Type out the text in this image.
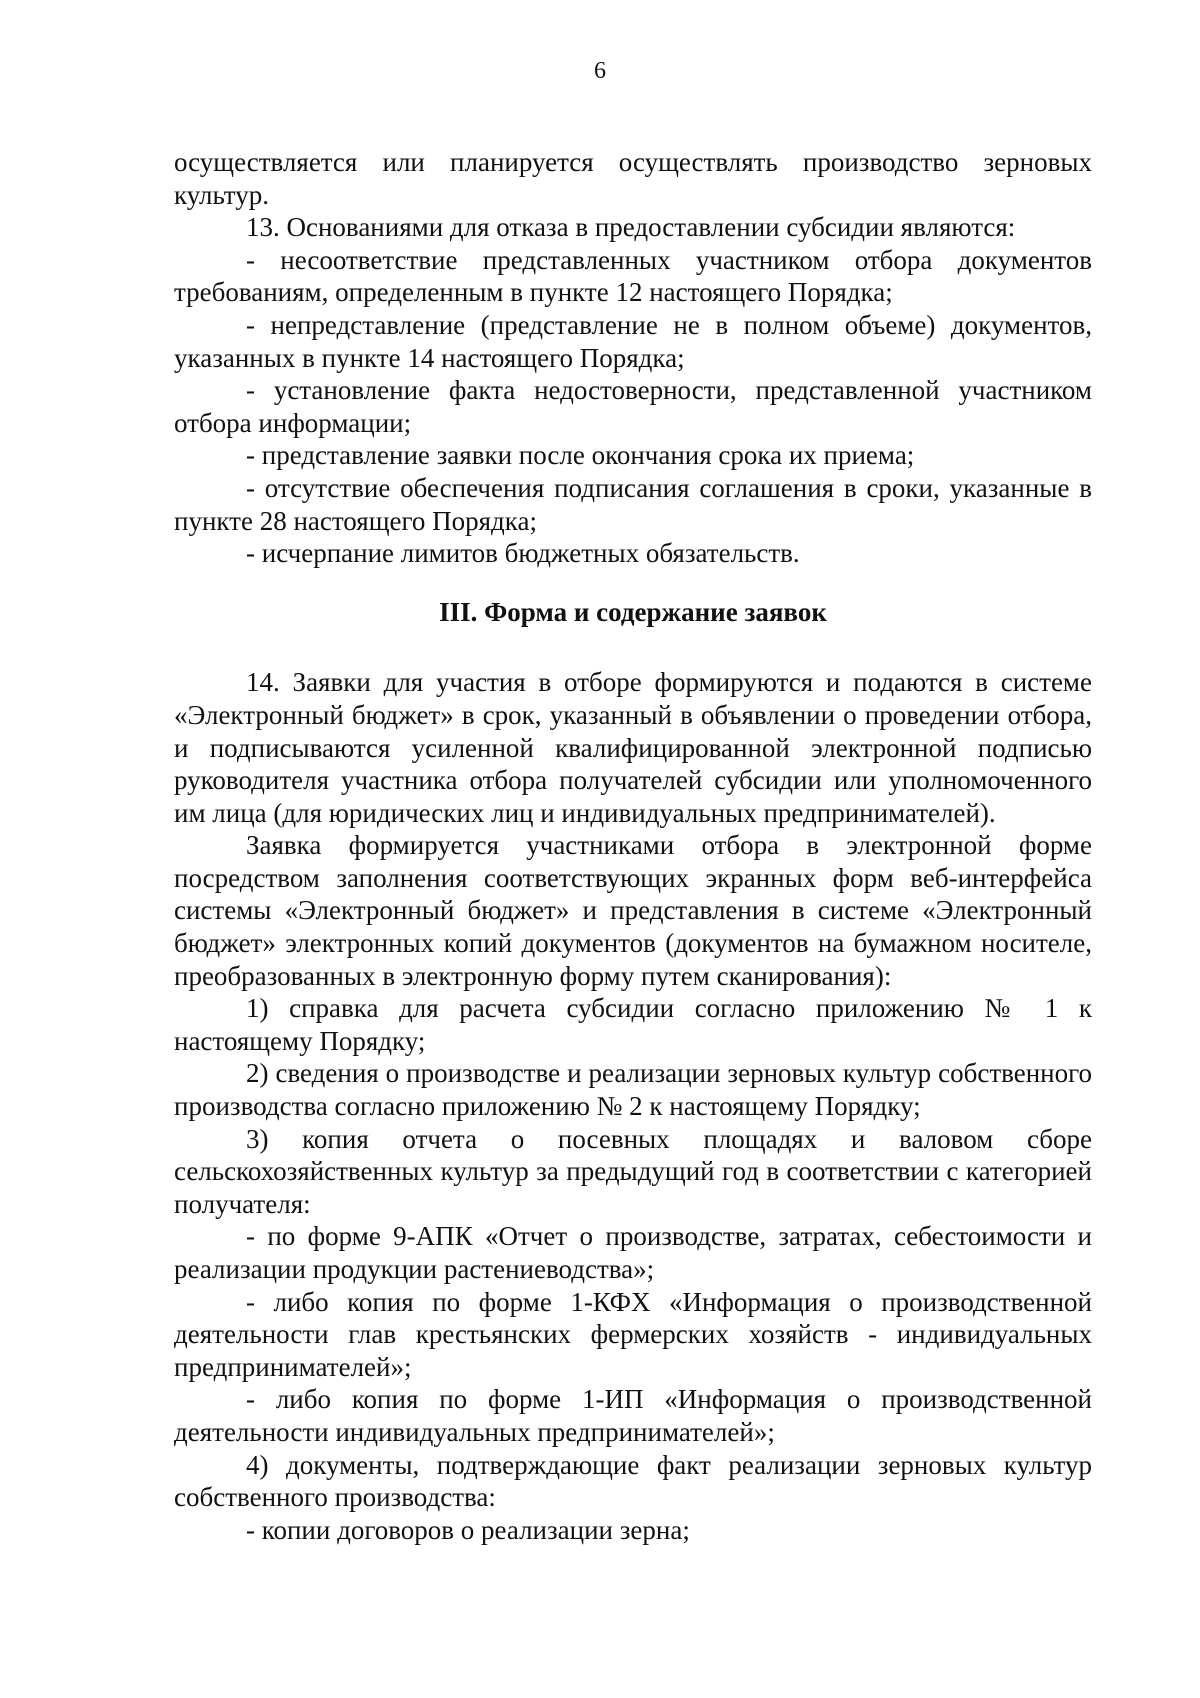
6

осуществляется или планируется осуществлять производство зерновых культур.

13. Основаниями для отказа в предоставлении субсидии являются:

- несоответствие представленных участником отбора документов требованиям, определенным в пункте 12 настоящего Порядка;

- непредставление (представление не в полном объеме) документов, указанных в пункте 14 настоящего Порядка;

- установление факта недостоверности, представленной участником отбора информации;

- представление заявки после окончания срока их приема;

- отсутствие обеспечения подписания соглашения в сроки, указанные в пункте 28 настоящего Порядка;

- исчерпание лимитов бюджетных обязательств.

III. Форма и содержание заявок

14. Заявки для участия в отборе формируются и подаются в системе «Электронный бюджет» в срок, указанный в объявлении о проведении отбора, и подписываются усиленной квалифицированной электронной подписью руководителя участника отбора получателей субсидии или уполномоченного им лица (для юридических лиц и индивидуальных предпринимателей).

Заявка формируется участниками отбора в электронной форме посредством заполнения соответствующих экранных форм веб-интерфейса системы «Электронный бюджет» и представления в системе «Электронный бюджет» электронных копий документов (документов на бумажном носителе, преобразованных в электронную форму путем сканирования):

1) справка для расчета субсидии согласно приложению № 1 к настоящему Порядку;

2) сведения о производстве и реализации зерновых культур собственного производства согласно приложению № 2 к настоящему Порядку;

3) копия отчета о посевных площадях и валовом сборе сельскохозяйственных культур за предыдущий год в соответствии с категорией получателя:

- по форме 9-АПК «Отчет о производстве, затратах, себестоимости и реализации продукции растениеводства»;

- либо копия по форме 1-КФХ «Информация о производственной деятельности глав крестьянских фермерских хозяйств - индивидуальных предпринимателей»;

- либо копия по форме 1-ИП «Информация о производственной деятельности индивидуальных предпринимателей»;

4) документы, подтверждающие факт реализации зерновых культур собственного производства:

- копии договоров о реализации зерна;
